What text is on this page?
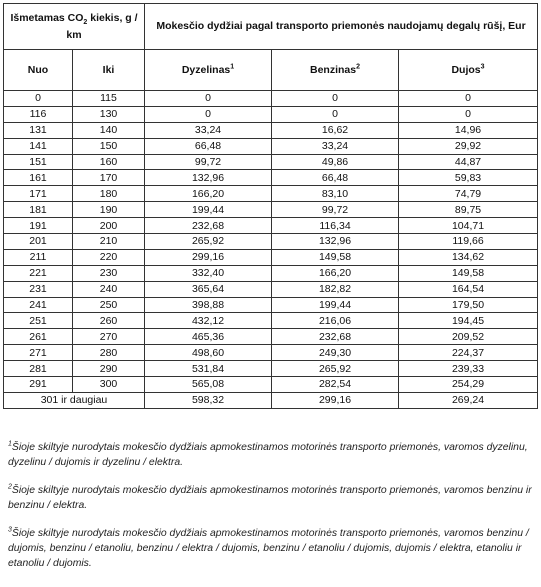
Išmetamas $CO_2$ kiekis, g / km		Mokesčio dydžiai pagal transporto priemonės naudojamų degalų rūšį, Eur		
Nuo	Iki	Dyzelinas$^1$	Benzinas$^2$	Dujos$^3$
0	115	0	0	0
116	130	0	0	0
131	140	33,24	16,62	14,96
141	150	66,48	33,24	29,92
151	160	99,72	49,86	44,87
161	170	132,96	66,48	59,83
171	180	166,20	83,10	74,79
181	190	199,44	99,72	89,75
191	200	232,68	116,34	104,71
201	210	265,92	132,96	119,66
211	220	299,16	149,58	134,62
221	230	332,40	166,20	149,58
231	240	365,64	182,82	164,54
241	250	398,88	199,44	179,50
251	260	432,12	216,06	194,45
261	270	465,36	232,68	209,52
271	280	498,60	249,30	224,37
281	290	531,84	265,92	239,33
291	300	565,08	282,54	254,29
301 ir daugiau		598,32	299,16	269,24

$^1$Šioje skiltyje nurodytais mokesčio dydžiais apmokestinamos motorinės transporto priemonės, varomos dyzelinu, dyzelinu / dujomis ir dyzelinu / elektra.

$^2$Šioje skiltyje nurodytais mokesčio dydžiais apmokestinamos motorinės transporto priemonės, varomos benzinu ir benzinu / elektra.

$^3$Šioje skiltyje nurodytais mokesčio dydžiais apmokestinamos motorinės transporto priemonės, varomos benzinu / dujomis, benzinu / etanoliu, benzinu / elektra / dujomis, benzinu / etanoliu / dujomis, dujomis / elektra, etanoliu ir etanoliu / dujomis.
